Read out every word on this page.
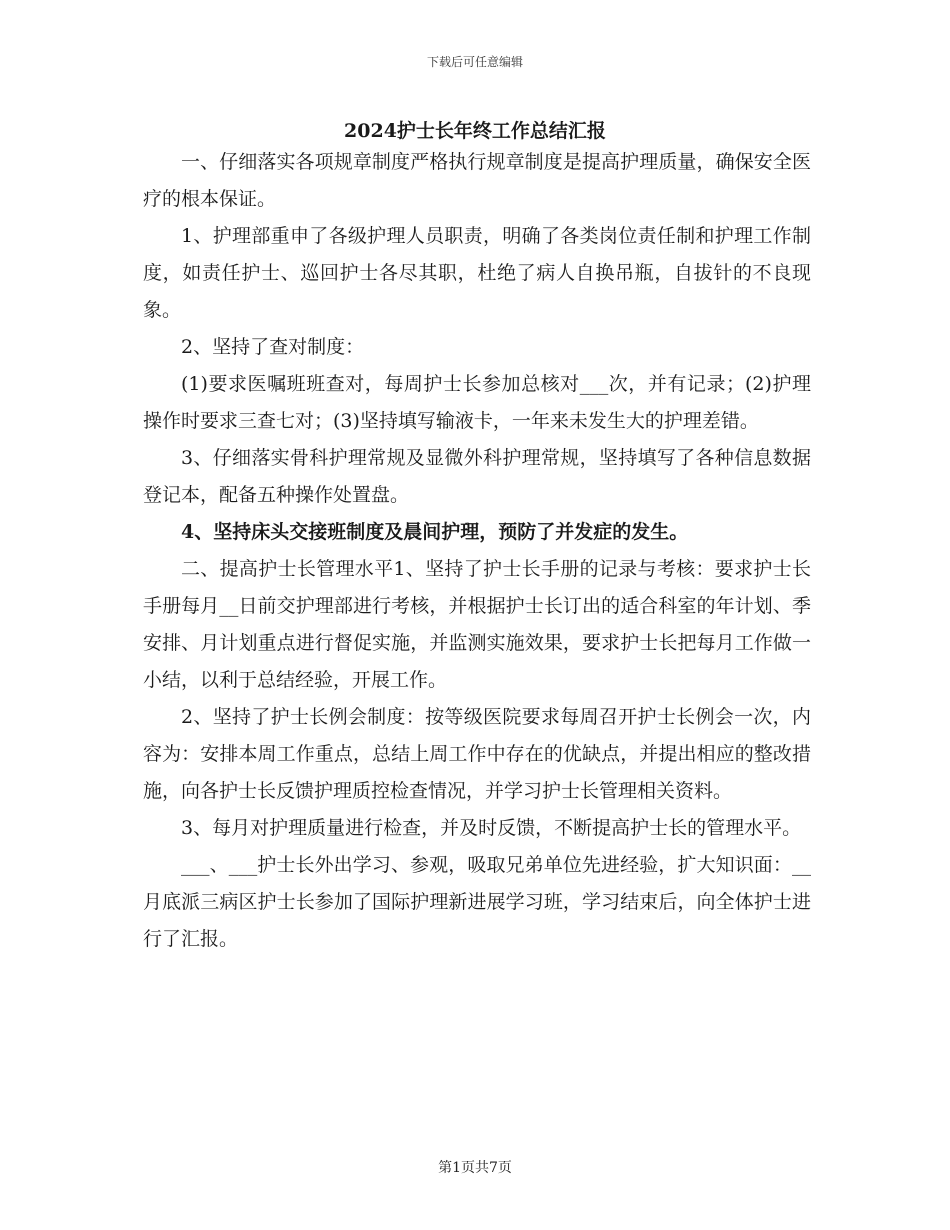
下载后可任意编辑
2024护士长年终工作总结汇报

一、仔细落实各项规章制度严格执行规章制度是提高护理质量，确保安全医疗的根本保证。

1、护理部重申了各级护理人员职责，明确了各类岗位责任制和护理工作制度，如责任护士、巡回护士各尽其职，杜绝了病人自换吊瓶，自拔针的不良现象。

2、坚持了查对制度：

(1)要求医嘱班班查对，每周护士长参加总核对___次，并有记录；(2)护理操作时要求三查七对；(3)坚持填写输液卡，一年来未发生大的护理差错。

3、仔细落实骨科护理常规及显微外科护理常规，坚持填写了各种信息数据登记本，配备五种操作处置盘。

4、坚持床头交接班制度及晨间护理，预防了并发症的发生。

二、提高护士长管理水平1、坚持了护士长手册的记录与考核：要求护士长手册每月__日前交护理部进行考核，并根据护士长订出的适合科室的年计划、季安排、月计划重点进行督促实施，并监测实施效果，要求护士长把每月工作做一小结，以利于总结经验，开展工作。

2、坚持了护士长例会制度：按等级医院要求每周召开护士长例会一次，内容为：安排本周工作重点，总结上周工作中存在的优缺点，并提出相应的整改措施，向各护士长反馈护理质控检查情况，并学习护士长管理相关资料。

3、每月对护理质量进行检查，并及时反馈，不断提高护士长的管理水平。

___、___护士长外出学习、参观，吸取兄弟单位先进经验，扩大知识面：__月底派三病区护士长参加了国际护理新进展学习班，学习结束后，向全体护士进行了汇报。

第1页共7页
